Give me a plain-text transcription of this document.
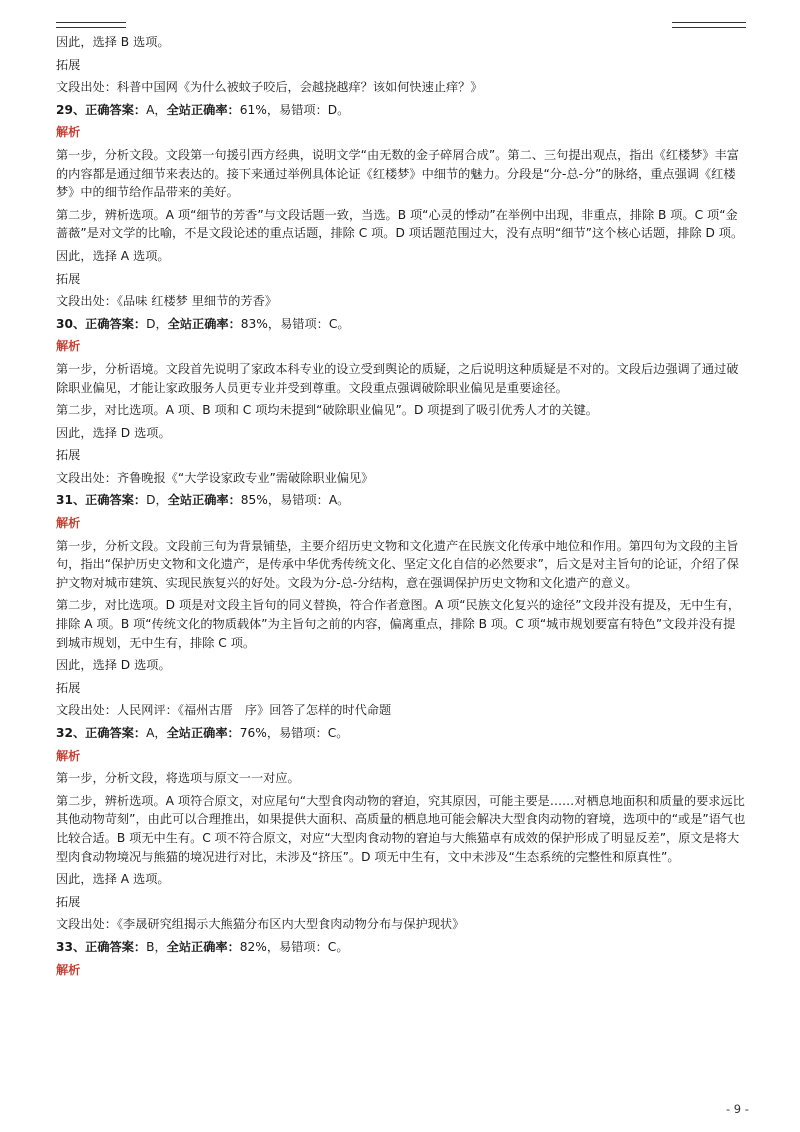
因此，选择 B 选项。

拓展

文段出处：科普中国网《为什么被蚊子咬后，会越挠越痒？该如何快速止痒？》

29、正确答案：A，全站正确率：61%，易错项：D。

解析

第一步，分析文段。文段第一句援引西方经典，说明文学“由无数的金子碎屑合成”。第二、三句提出观点，指出《红楼梦》丰富的内容都是通过细节来表达的。接下来通过举例具体论证《红楼梦》中细节的魅力。分段是“分-总-分”的脉络，重点强调《红楼梦》中的细节给作品带来的美好。

第二步，辨析选项。A 项“细节的芳香”与文段话题一致，当选。B 项“心灵的悸动”在举例中出现，非重点，排除 B 项。C 项“金蔷薇”是对文学的比喻，不是文段论述的重点话题，排除 C 项。D 项话题范围过大，没有点明“细节”这个核心话题，排除 D 项。

因此，选择 A 选项。

拓展

文段出处：《品味 红楼梦 里细节的芳香》

30、正确答案：D，全站正确率：83%，易错项：C。

解析

第一步，分析语境。文段首先说明了家政本科专业的设立受到舆论的质疑，之后说明这种质疑是不对的。文段后边强调了通过破除职业偏见，才能让家政服务人员更专业并受到尊重。文段重点强调破除职业偏见是重要途径。

第二步，对比选项。A 项、B 项和 C 项均未提到“破除职业偏见”。D 项提到了吸引优秀人才的关键。

因此，选择 D 选项。

拓展

文段出处：齐鲁晚报《“大学设家政专业”需破除职业偏见》

31、正确答案：D，全站正确率：85%，易错项：A。

解析

第一步，分析文段。文段前三句为背景铺垫，主要介绍历史文物和文化遗产在民族文化传承中地位和作用。第四句为文段的主旨句，指出“保护历史文物和文化遗产，是传承中华优秀传统文化、坚定文化自信的必然要求”，后文是对主旨句的论证，介绍了保护文物对城市建筑、实现民族复兴的好处。文段为分-总-分结构，意在强调保护历史文物和文化遗产的意义。

第二步，对比选项。D 项是对文段主旨句的同义替换，符合作者意图。A 项“民族文化复兴的途径”文段并没有提及，无中生有，排除 A 项。B 项“传统文化的物质载体”为主旨句之前的内容，偏离重点，排除 B 项。C 项“城市规划要富有特色”文段并没有提到城市规划，无中生有，排除 C 项。

因此，选择 D 选项。

拓展

文段出处：人民网评：《福州古厝　序》回答了怎样的时代命题

32、正确答案：A，全站正确率：76%，易错项：C。

解析

第一步，分析文段，将选项与原文一一对应。

第二步，辨析选项。A 项符合原文，对应尾句“大型食肉动物的窘迫，究其原因，可能主要是……对栖息地面积和质量的要求远比其他动物苛刻”，由此可以合理推出，如果提供大面积、高质量的栖息地可能会解决大型食肉动物的窘境，选项中的“或是”语气也比较合适。B 项无中生有。C 项不符合原文，对应“大型肉食动物的窘迫与大熊猫卓有成效的保护形成了明显反差”，原文是将大型肉食动物境况与熊猫的境况进行对比，未涉及“挤压”。D 项无中生有，文中未涉及“生态系统的完整性和原真性”。

因此，选择 A 选项。

拓展

文段出处：《李晟研究组揭示大熊猫分布区内大型食肉动物分布与保护现状》

33、正确答案：B，全站正确率：82%，易错项：C。

解析

- 9 -
